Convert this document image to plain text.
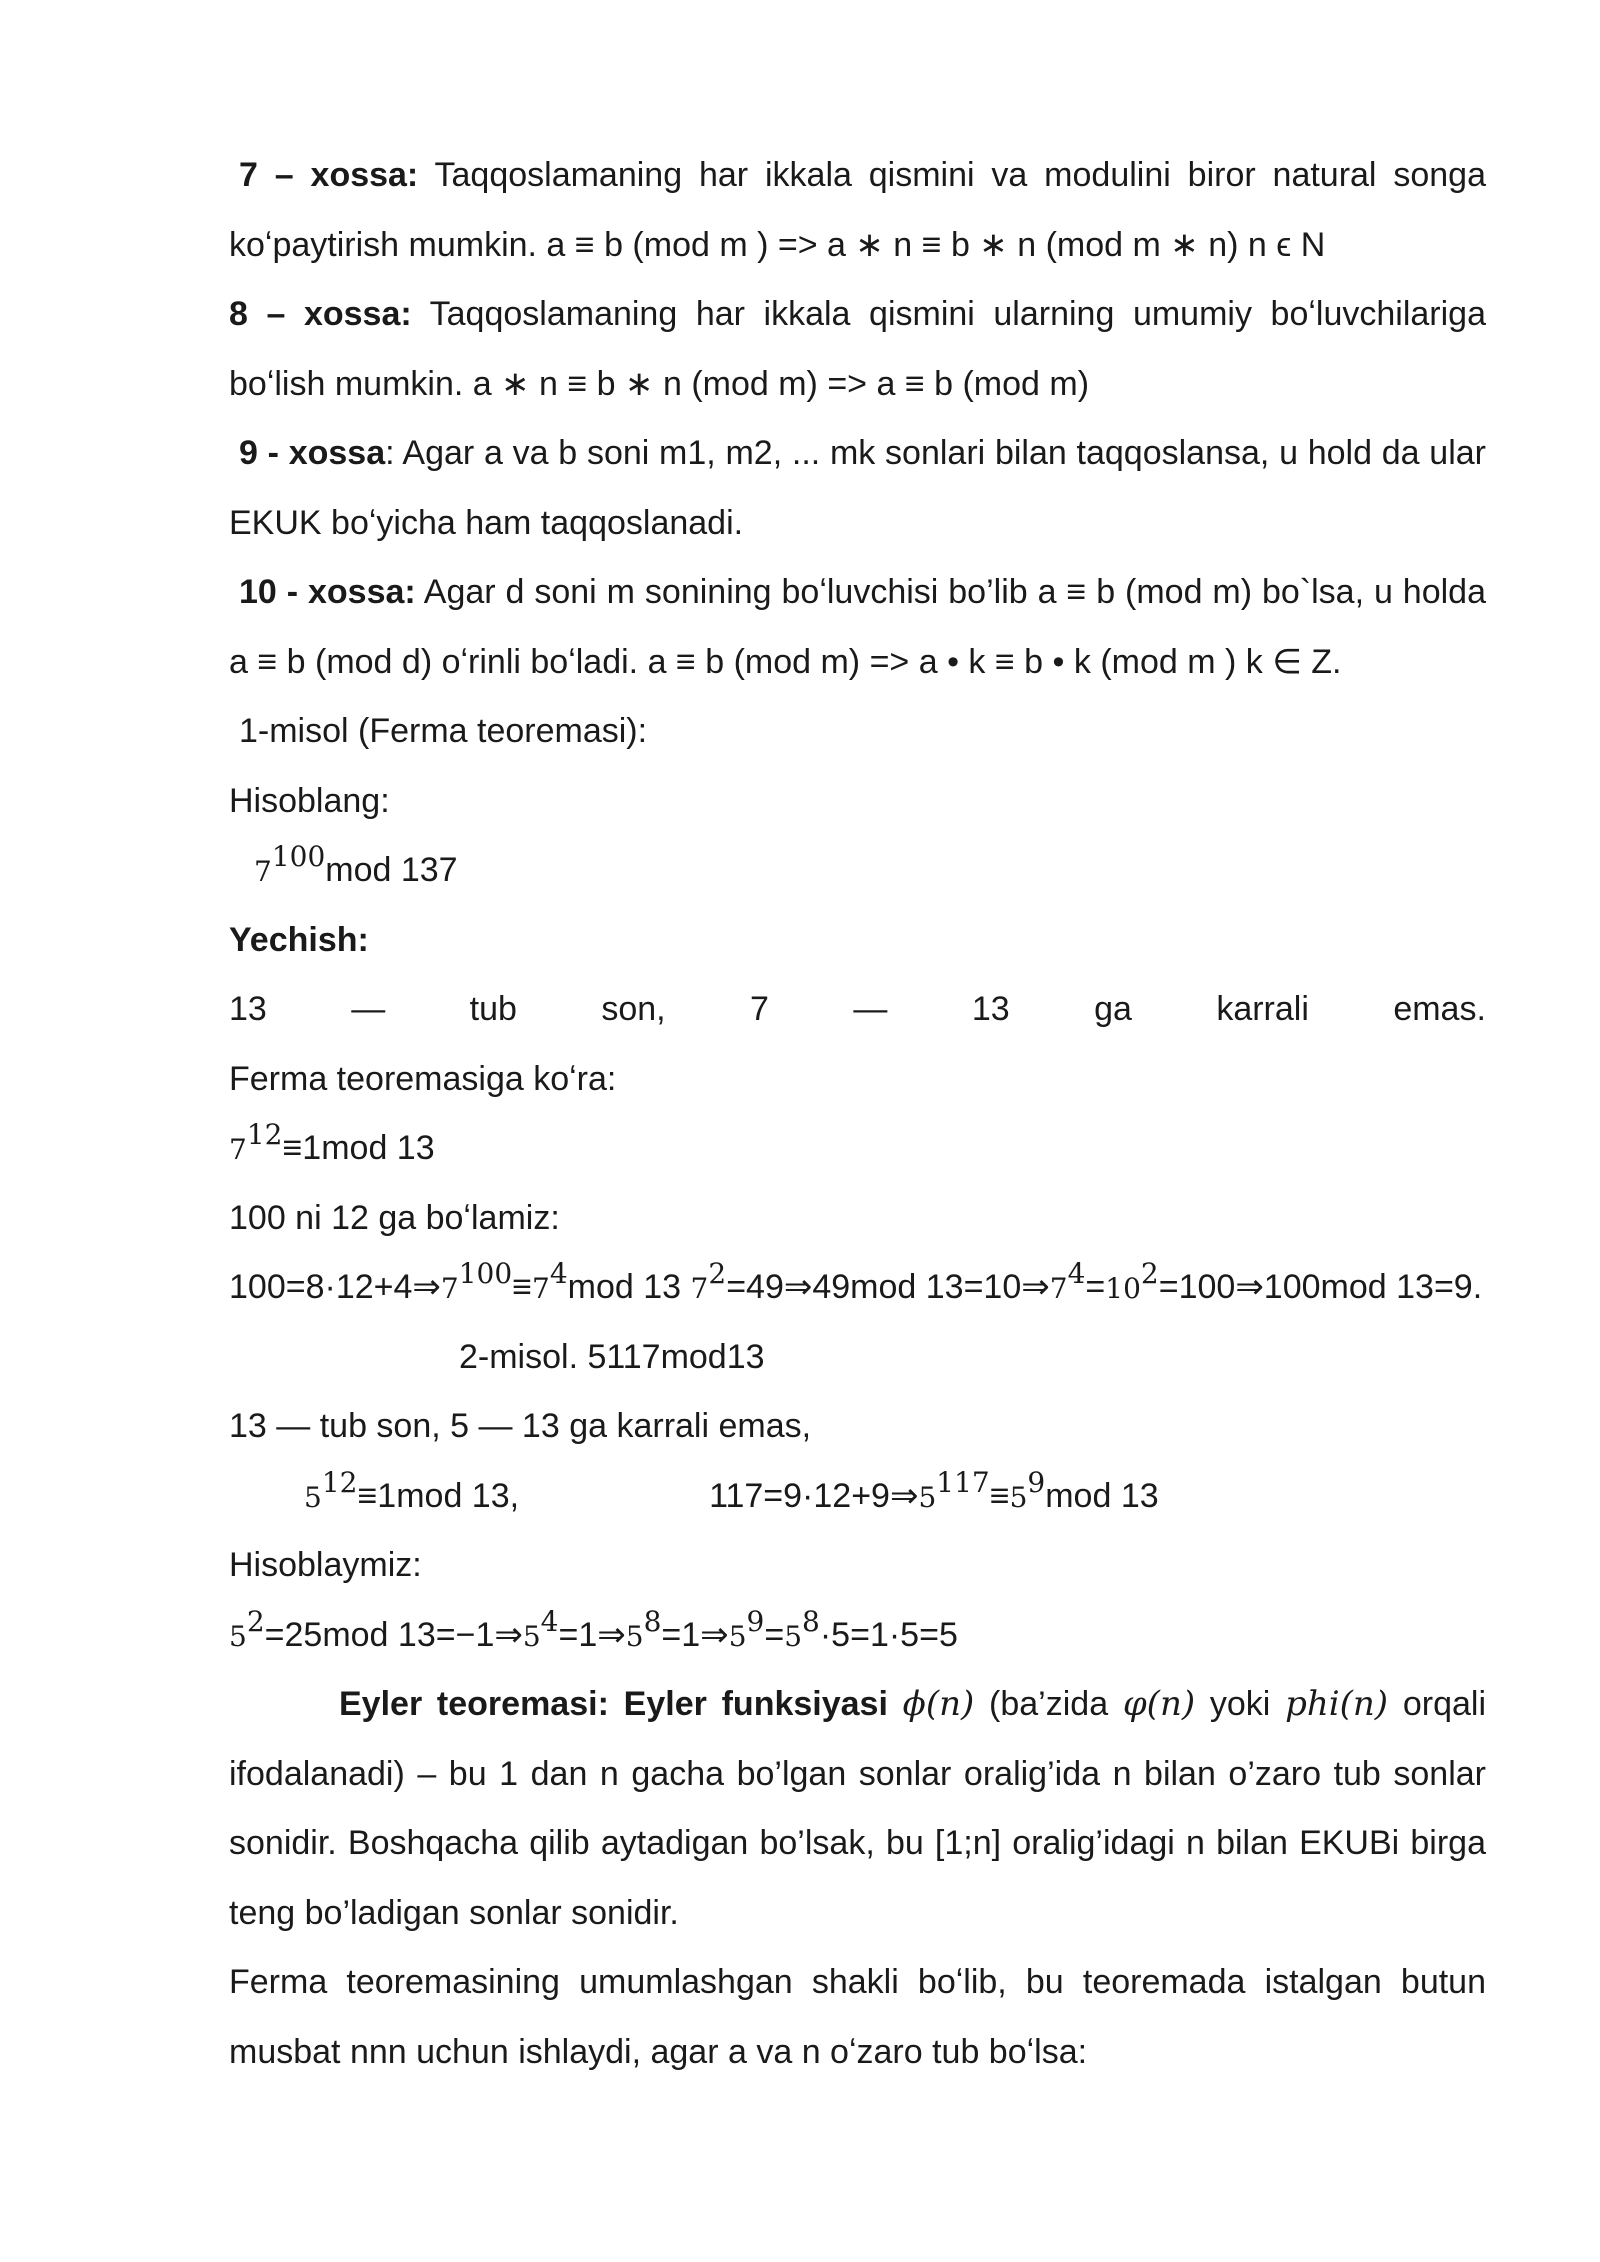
7 – xossa: Taqqoslamaning har ikkala qismini va modulini biror natural songa
koʻpaytirish mumkin. a ≡ b (mod m ) => a ∗ n ≡ b ∗ n (mod m ∗ n) n ϵ N
8 – xossa: Taqqoslamaning har ikkala qismini ularning umumiy boʻluvchilariga
boʻlish mumkin. a ∗ n ≡ b ∗ n (mod m) => a ≡ b (mod m)
9 - xossa: Agar a va b soni m1, m2, ... mk sonlari bilan taqqoslansa, u hold da ular
EKUK boʻyicha ham taqqoslanadi.
10 - xossa: Agar d soni m sonining boʻluvchisi bo’lib a ≡ b (mod m) bo`lsa, u holda
a ≡ b (mod d) oʻrinli boʻladi. a ≡ b (mod m) => a • k ≡ b • k (mod m ) k ∈ Z.
1-misol (Ferma teoremasi):
Hisoblang:
$7^{100}mod$ 137
Yechish:
13 — tub son, 7 — 13 ga karrali emas.
Ferma teoremasiga koʻra:
$7^{12}\equiv 1mod$ 13
100 ni 12 ga boʻlamiz:
$100=8\cdot 12+4\Rightarrow 7^{100}\equiv 7^4mod$ 13 $7^2=49\Rightarrow 49mod$ $13=10\Rightarrow 7^4=10^2=100\Rightarrow 100mod$ 13=9.
2-misol. 5117mod13
13 — tub son, 5 — 13 ga karrali emas,
$5^{12}\equiv 1mod$ 13,	$117=9\cdot 12+9\Rightarrow 5^{117}\equiv 5^9mod$ 13
Hisoblaymiz:
$5^2=25mod$ $13=-1\Rightarrow 5^4=1\Rightarrow 5^8=1\Rightarrow 5^9=5^8\cdot 5=1\cdot 5=5$
Eyler teoremasi: Eyler funksiyasi ϕ(n) (ba’zida φ(n) yoki phi(n) orqali
ifodalanadi) – bu 1 dan n gacha bo’lgan sonlar oralig’ida n bilan o’zaro tub sonlar
sonidir. Boshqacha qilib aytadigan bo’lsak, bu [1;n] oralig’idagi n bilan EKUBi birga
teng bo’ladigan sonlar sonidir.
Ferma teoremasining umumlashgan shakli boʻlib, bu teoremada istalgan butun
musbat nnn uchun ishlaydi, agar a va n oʻzaro tub boʻlsa:
